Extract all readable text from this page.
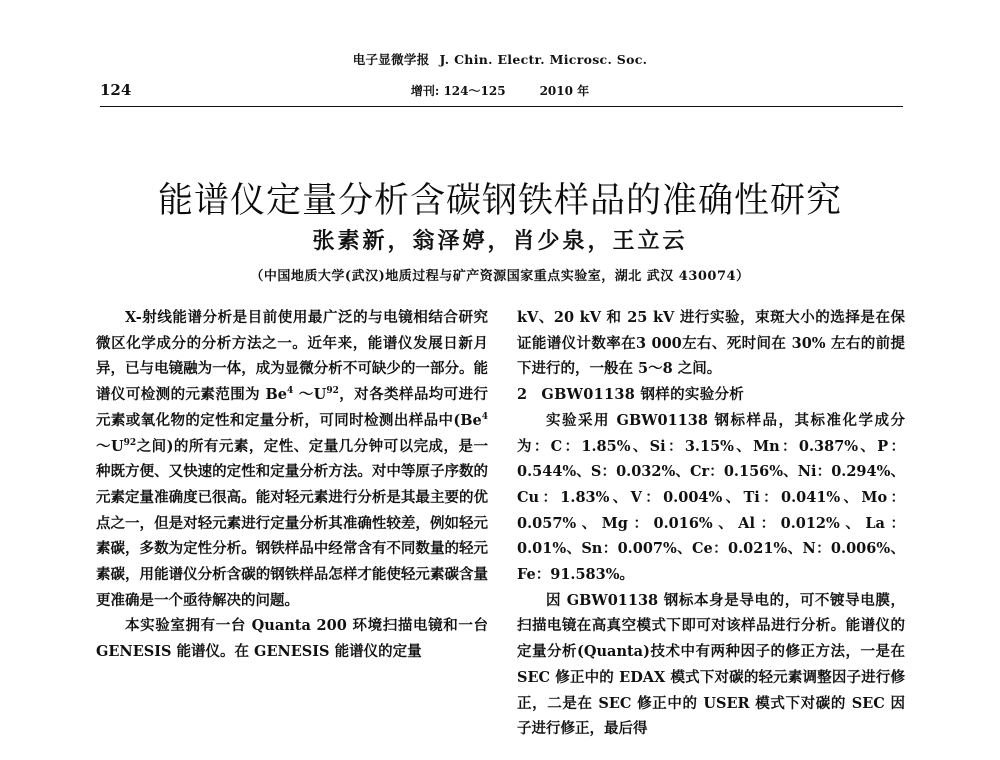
电子显微学报 J. Chin. Electr. Microsc. Soc.
124	增刊: 124～125	2010 年
能谱仪定量分析含碳钢铁样品的准确性研究
张素新，翁泽婷，肖少泉，王立云
（中国地质大学(武汉)地质过程与矿产资源国家重点实验室，湖北 武汉 430074）

X-射线能谱分析是目前使用最广泛的与电镜相结合研究微区化学成分的分析方法之一。近年来，能谱仪发展日新月异，已与电镜融为一体，成为显微分析不可缺少的一部分。能谱仪可检测的元素范围为 Be$^4$ $\sim U^{92}$，对各类样品均可进行元素或氧化物的定性和定量分析，可同时检测出样品中(Be$^4$ $\sim U^{92}$之间)的所有元素，定性、定量几分钟可以完成，是一种既方便、又快速的定性和定量分析方法。对中等原子序数的元素定量准确度已很高。能对轻元素进行分析是其最主要的优点之一，但是对轻元素进行定量分析其准确性较差，例如轻元素碳，多数为定性分析。钢铁样品中经常含有不同数量的轻元素碳，用能谱仪分析含碳的钢铁样品怎样才能使轻元素碳含量更准确是一个亟待解决的问题。

本实验室拥有一台 Quanta 200 环境扫描电镜和一台 GENESIS 能谱仪。在 GENESIS 能谱仪的定量

kV、20 kV 和 25 kV 进行实验，束斑大小的选择是在保证能谱仪计数率在3 000左右、死时间在 30% 左右的前提下进行的，一般在 5～8 之间。

2 GBW01138 钢样的实验分析

实验采用 GBW01138 钢标样品，其标准化学成分为：C：1.85%、Si：3.15%、Mn：0.387%、P：0.544%、S：0.032%、Cr：0.156%、Ni：0.294%、Cu：1.83%、V：0.004%、Ti：0.041%、Mo：0.057%、Mg：0.016%、Al：0.012%、La：0.01%、Sn：0.007%、Ce：0.021%、N：0.006%、Fe：91.583%。

因 GBW01138 钢标本身是导电的，可不镀导电膜，扫描电镜在高真空模式下即可对该样品进行分析。能谱仪的定量分析(Quanta)技术中有两种因子的修正方法，一是在 SEC 修正中的 EDAX 模式下对碳的轻元素调整因子进行修正，二是在 SEC 修正中的 USER 模式下对碳的 SEC 因子进行修正，最后得
